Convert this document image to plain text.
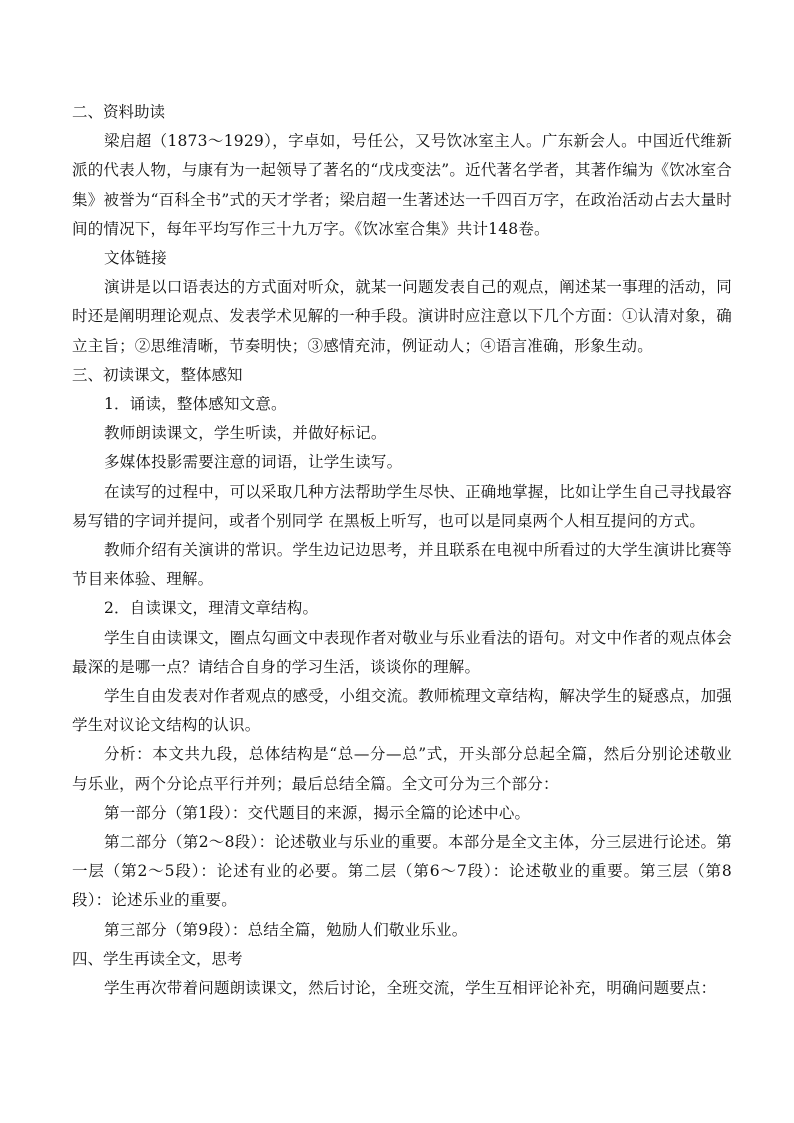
二、资料助读

梁启超（1873～1929），字卓如，号任公，又号饮冰室主人。广东新会人。中国近代维新派的代表人物，与康有为一起领导了著名的“戊戌变法”。近代著名学者，其著作编为《饮冰室合集》被誉为“百科全书”式的天才学者；梁启超一生著述达一千四百万字，在政治活动占去大量时间的情况下，每年平均写作三十九万字。《饮冰室合集》共计148卷。

文体链接

演讲是以口语表达的方式面对听众，就某一问题发表自己的观点，阐述某一事理的活动，同时还是阐明理论观点、发表学术见解的一种手段。演讲时应注意以下几个方面：①认清对象，确立主旨；②思维清晰，节奏明快；③感情充沛，例证动人；④语言准确，形象生动。

三、初读课文，整体感知

1．诵读，整体感知文意。

教师朗读课文，学生听读，并做好标记。

多媒体投影需要注意的词语，让学生读写。

在读写的过程中，可以采取几种方法帮助学生尽快、正确地掌握，比如让学生自己寻找最容易写错的字词并提问，或者个别同学 在黑板上听写，也可以是同桌两个人相互提问的方式。

教师介绍有关演讲的常识。学生边记边思考，并且联系在电视中所看过的大学生演讲比赛等节目来体验、理解。

2．自读课文，理清文章结构。

学生自由读课文，圈点勾画文中表现作者对敬业与乐业看法的语句。对文中作者的观点体会最深的是哪一点？请结合自身的学习生活，谈谈你的理解。

学生自由发表对作者观点的感受，小组交流。教师梳理文章结构，解决学生的疑惑点，加强学生对议论文结构的认识。

分析：本文共九段，总体结构是“总—分—总”式，开头部分总起全篇，然后分别论述敬业与乐业，两个分论点平行并列；最后总结全篇。全文可分为三个部分：

第一部分（第1段）：交代题目的来源，揭示全篇的论述中心。

第二部分（第2～8段）：论述敬业与乐业的重要。本部分是全文主体，分三层进行论述。第一层（第2～5段）：论述有业的必要。第二层（第6～7段）：论述敬业的重要。第三层（第8段）：论述乐业的重要。

第三部分（第9段）：总结全篇，勉励人们敬业乐业。

四、学生再读全文，思考

学生再次带着问题朗读课文，然后讨论，全班交流，学生互相评论补充，明确问题要点：
